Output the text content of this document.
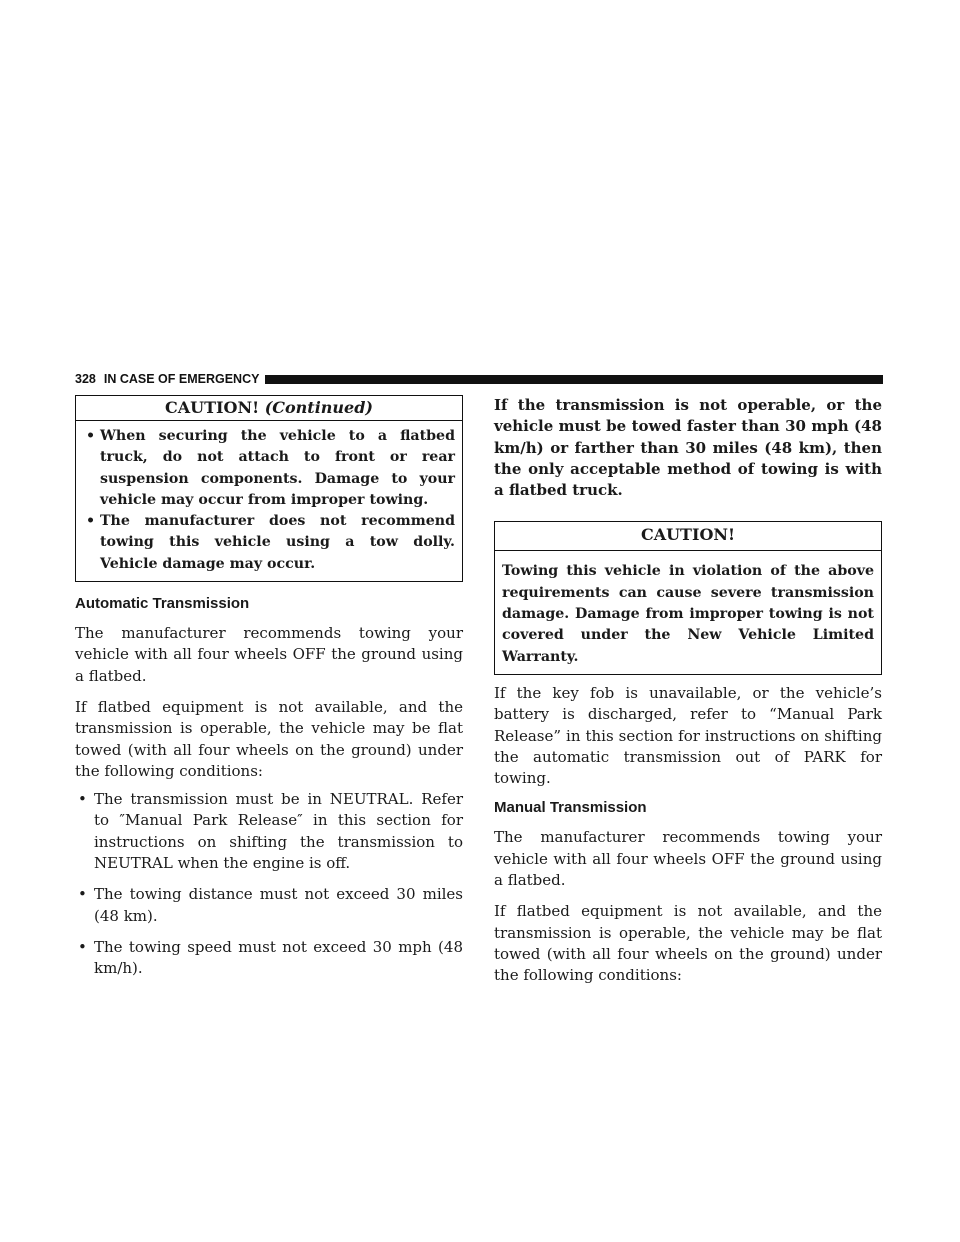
328 IN CASE OF EMERGENCY
CAUTION! (Continued)
• When securing the vehicle to a flatbed truck, do not attach to front or rear suspension components. Damage to your vehicle may occur from improper towing.
• The manufacturer does not recommend towing this vehicle using a tow dolly. Vehicle damage may occur.
Automatic Transmission

The manufacturer recommends towing your vehicle with all four wheels OFF the ground using a flatbed.

If flatbed equipment is not available, and the transmission is operable, the vehicle may be flat towed (with all four wheels on the ground) under the following conditions:

• The transmission must be in NEUTRAL. Refer to ″Manual Park Release″ in this section for instructions on shifting the transmission to NEUTRAL when the engine is off.
• The towing distance must not exceed 30 miles (48 km).
• The towing speed must not exceed 30 mph (48 km/h).

If the transmission is not operable, or the vehicle must be towed faster than 30 mph (48 km/h) or farther than 30 miles (48 km), then the only acceptable method of towing is with a flatbed truck.

CAUTION!

Towing this vehicle in violation of the above requirements can cause severe transmission damage. Damage from improper towing is not covered under the New Vehicle Limited Warranty.

If the key fob is unavailable, or the vehicle’s battery is discharged, refer to “Manual Park Release” in this section for instructions on shifting the automatic transmission out of PARK for towing.

Manual Transmission

The manufacturer recommends towing your vehicle with all four wheels OFF the ground using a flatbed.

If flatbed equipment is not available, and the transmission is operable, the vehicle may be flat towed (with all four wheels on the ground) under the following conditions:
